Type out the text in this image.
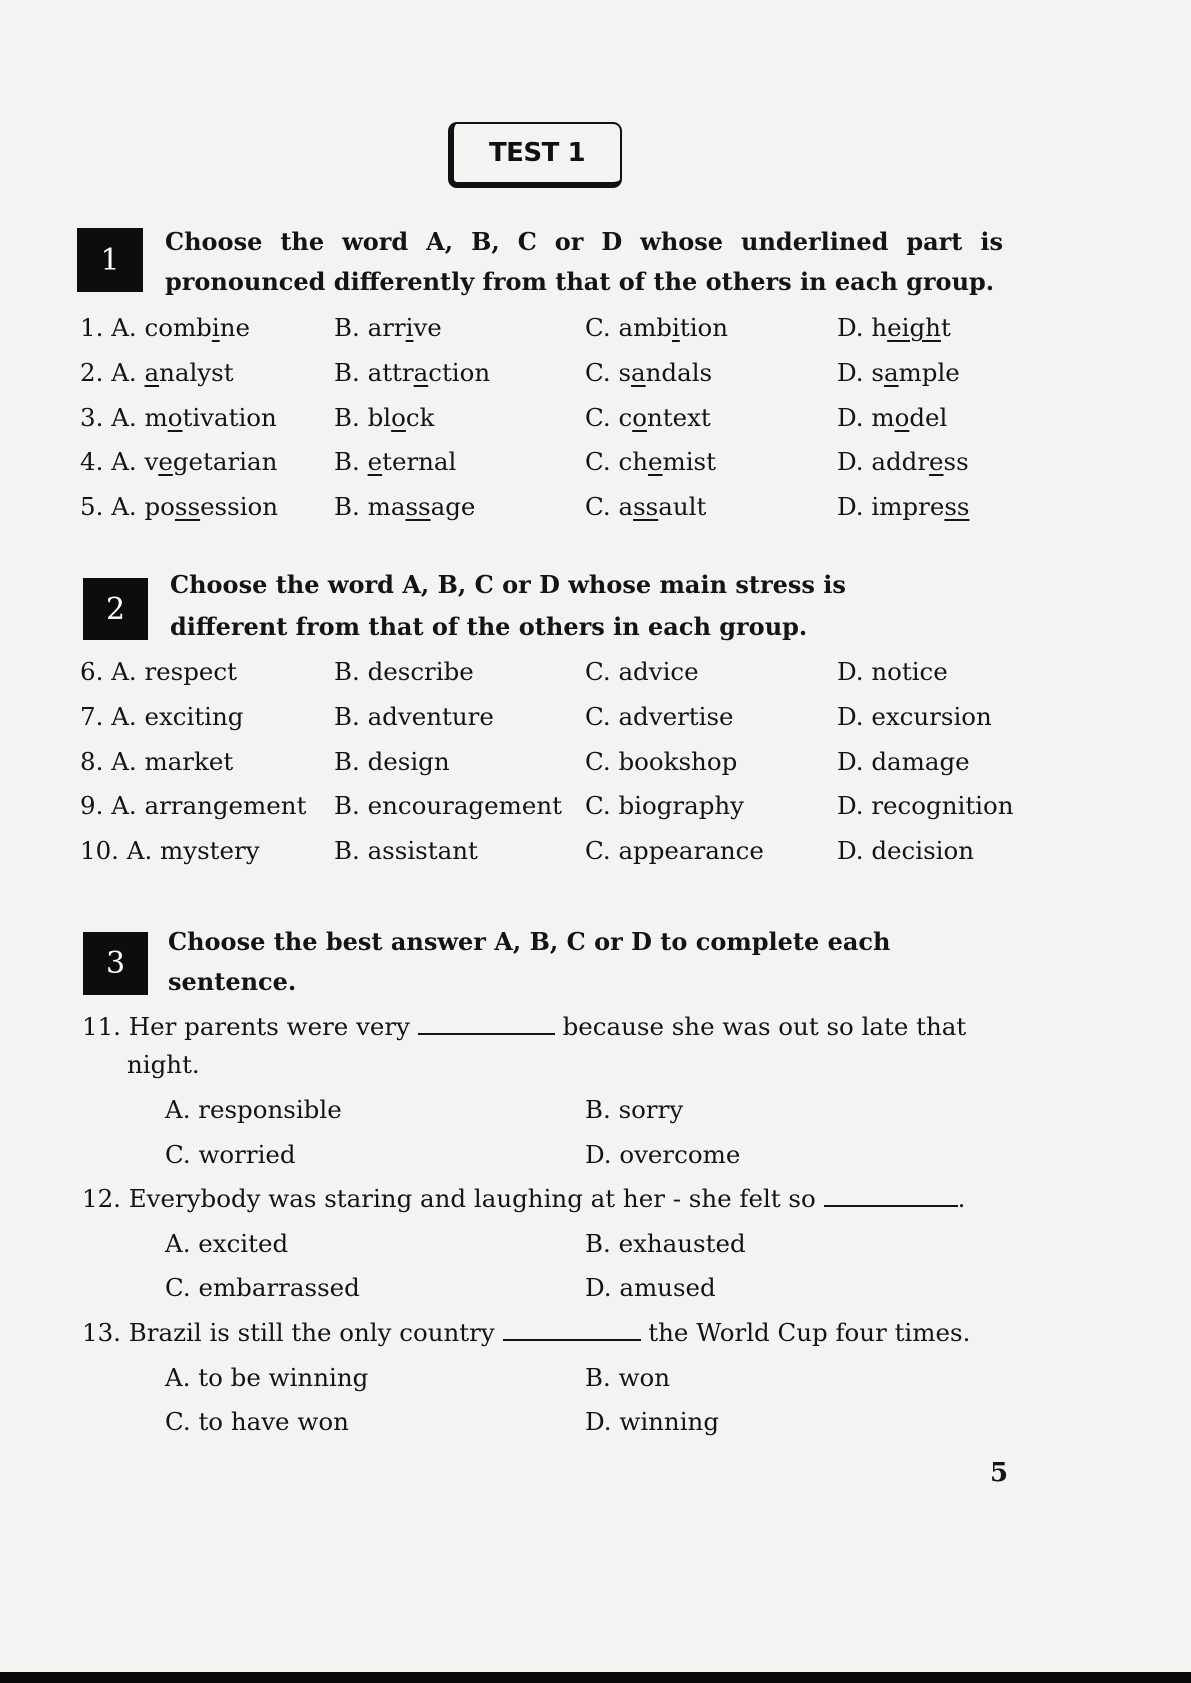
TEST 1
1
Choose the word A, B, C or D whose underlined part is
pronounced differently from that of the others in each group.
1. A. combine	B. arrive	C. ambition	D. height
2. A. analyst	B. attraction	C. sandals	D. sample
3. A. motivation B. block	C. context	D. model
4. A. vegetarian B. eternal	C. chemist	D. address
5. A. possession B. massage	C. assault	D. impress
2
Choose the word A, B, C or D whose main stress is
different from that of the others in each group.
6. A. respect	B. describe	C. advice	D. notice
7. A. exciting	B. adventure	C. advertise	D. excursion
8. A. market	B. design	C. bookshop	D. damage
9. A. arrangement B. encouragement C. biography	D. recognition
10. A. mystery	B. assistant	C. appearance	D. decision
3
Choose the best answer A, B, C or D to complete each
sentence.
11. Her parents were very	because she was out so late that
night.
A. responsible	B. sorry
C. worried	D. overcome
12. Everybody was staring and laughing at her - she felt so	.
A. excited	B. exhausted
C. embarrassed	D. amused
13. Brazil is still the only country	the World Cup four times.
A. to be winning	B. won
C. to have won	D. winning
5
